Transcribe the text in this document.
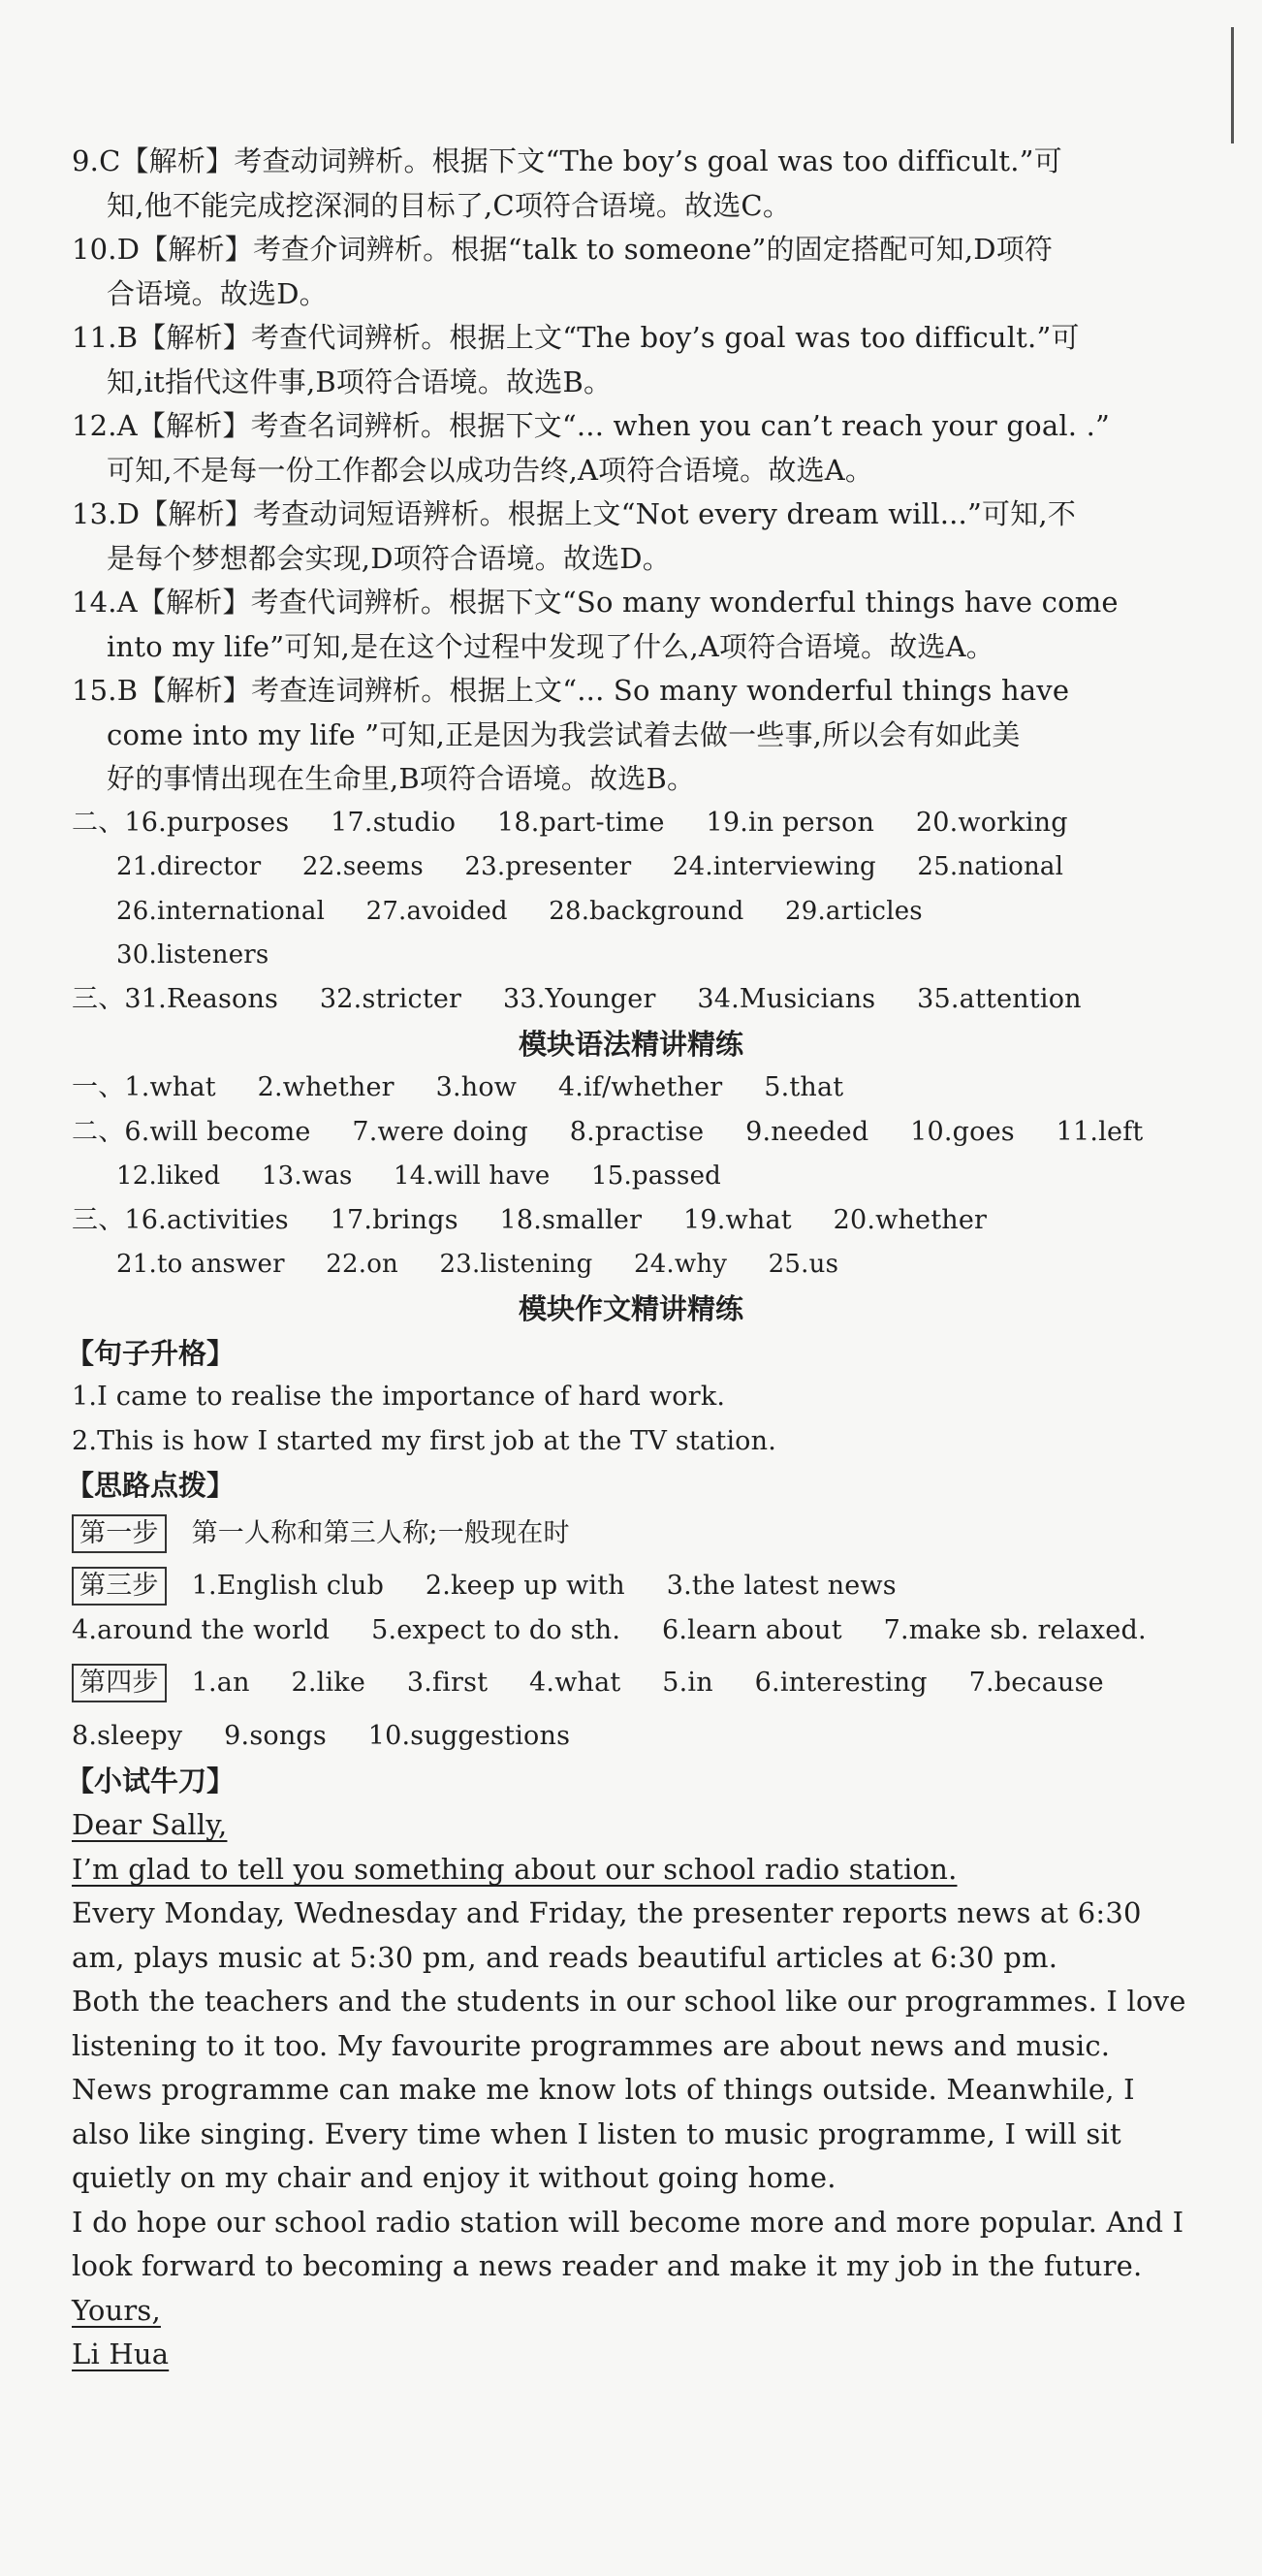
9.C【解析】考查动词辨析。根据下文“The boy’s goal was too difficult.”可
知,他不能完成挖深洞的目标了,C项符合语境。故选C。
10.D【解析】考查介词辨析。根据“talk to someone”的固定搭配可知,D项符
合语境。故选D。
11.B【解析】考查代词辨析。根据上文“The boy’s goal was too difficult.”可
知,it指代这件事,B项符合语境。故选B。
12.A【解析】考查名词辨析。根据下文“... when you can’t reach your goal. .”
可知,不是每一份工作都会以成功告终,A项符合语境。故选A。
13.D【解析】考查动词短语辨析。根据上文“Not every dream will...”可知,不
是每个梦想都会实现,D项符合语境。故选D。
14.A【解析】考查代词辨析。根据下文“So many wonderful things have come
into my life”可知,是在这个过程中发现了什么,A项符合语境。故选A。
15.B【解析】考查连词辨析。根据上文“... So many wonderful things have
come into my life ”可知,正是因为我尝试着去做一些事,所以会有如此美
好的事情出现在生命里,B项符合语境。故选B。
二、16.purposes 17.studio 18.part-time 19.in person 20.working
21.director 22.seems 23.presenter 24.interviewing 25.national
26.international 27.avoided 28.background 29.articles
30.listeners
三、31.Reasons 32.stricter 33.Younger 34.Musicians 35.attention
模块语法精讲精练
一、1.what 2.whether 3.how 4.if/whether 5.that
二、6.will become 7.were doing 8.practise 9.needed 10.goes 11.left
12.liked 13.was 14.will have 15.passed
三、16.activities 17.brings 18.smaller 19.what 20.whether
21.to answer 22.on 23.listening 24.why 25.us
模块作文精讲精练
【句子升格】
1.I came to realise the importance of hard work.
2.This is how I started my first job at the TV station.
【思路点拨】
第一步 第一人称和第三人称;一般现在时
第三步 1.English club 2.keep up with 3.the latest news
4.around the world 5.expect to do sth. 6.learn about 7.make sb. relaxed.
第四步 1.an 2.like 3.first 4.what 5.in 6.interesting 7.because
8.sleepy 9.songs 10.suggestions
【小试牛刀】
Dear Sally,
I’m glad to tell you something about our school radio station.
Every Monday, Wednesday and Friday, the presenter reports news at 6:30
am, plays music at 5:30 pm, and reads beautiful articles at 6:30 pm.
Both the teachers and the students in our school like our programmes. I love
listening to it too. My favourite programmes are about news and music.
News programme can make me know lots of things outside. Meanwhile, I
also like singing. Every time when I listen to music programme, I will sit
quietly on my chair and enjoy it without going home.
I do hope our school radio station will become more and more popular. And I
look forward to becoming a news reader and make it my job in the future.
Yours,
Li Hua
